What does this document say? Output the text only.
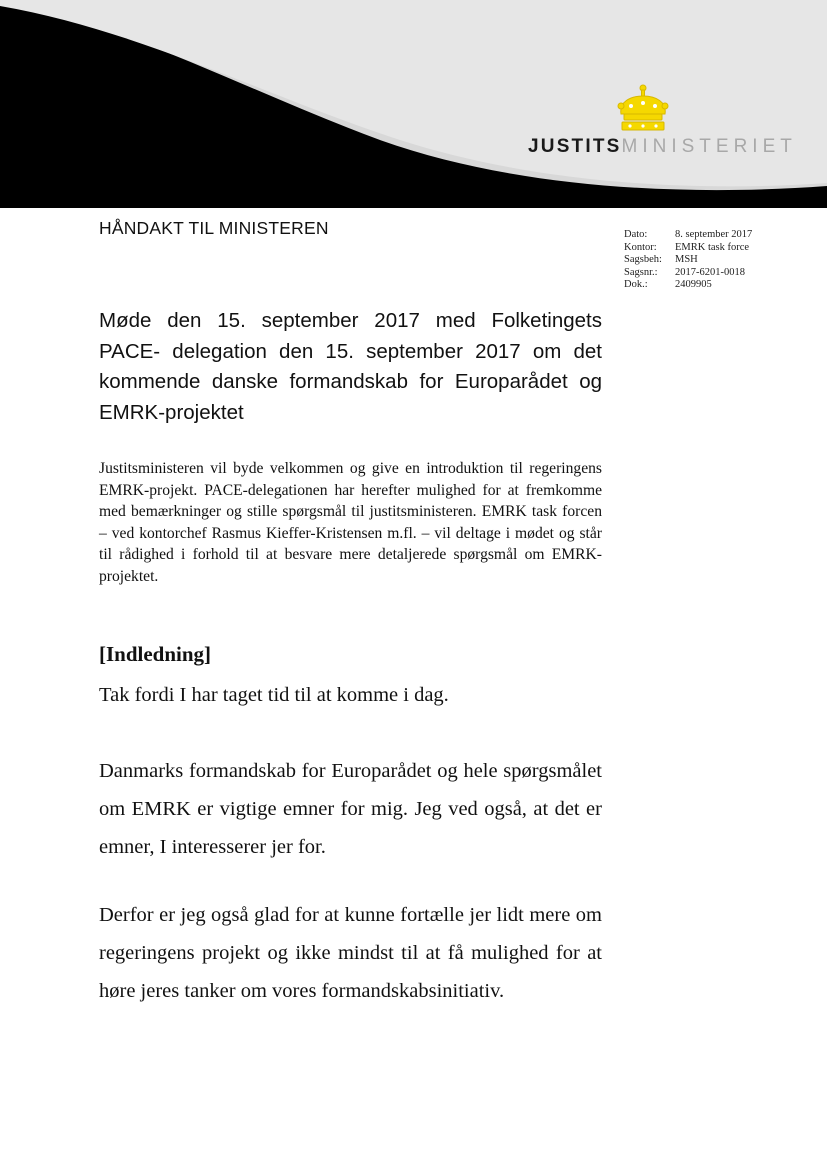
JUSTITSMINISTERIET
HÅNDAKT TIL MINISTEREN	Dato:	8. september 2017
Kontor:	EMRK task force
Sagsbeh:	MSH
Sagsnr.:	2017-6201-0018
Dok.:	2409905
Møde den 15. september 2017 med Folketingets PACE- delegation den 15. september 2017 om det kommende danske formandskab for Europarådet og EMRK-projektet
Justitsministeren vil byde velkommen og give en introduktion til regeringens EMRK-projekt. PACE-delegationen har herefter mulighed for at fremkomme med bemærkninger og stille spørgsmål til justitsministeren. EMRK task forcen – ved kontorchef Rasmus Kieffer-Kristensen m.fl. – vil deltage i mødet og står til rådighed i forhold til at besvare mere detaljerede spørgsmål om EMRK-projektet.
[Indledning]
Tak fordi I har taget tid til at komme i dag.
Danmarks formandskab for Europarådet og hele spørgsmålet om EMRK er vigtige emner for mig. Jeg ved også, at det er emner, I interesserer jer for.
Derfor er jeg også glad for at kunne fortælle jer lidt mere om regeringens projekt og ikke mindst til at få mulighed for at høre jeres tanker om vores formandskabsinitiativ.
